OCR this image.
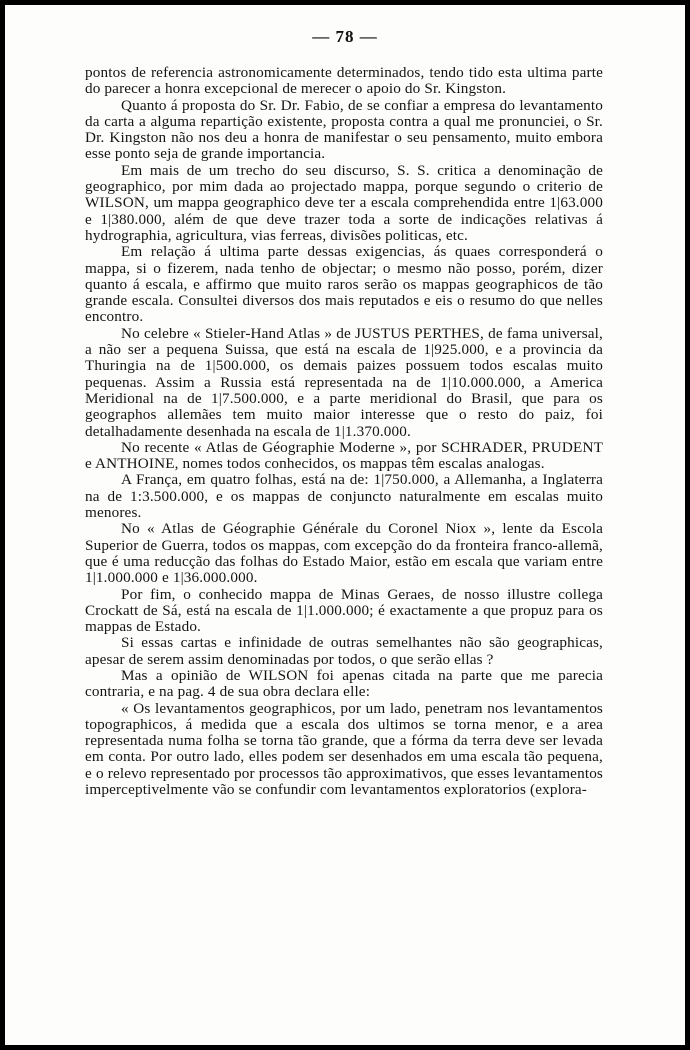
— 78 —

pontos de referencia astronomicamente determinados, tendo tido esta ultima parte do parecer a honra excepcional de merecer o apoio do Sr. Kingston.

Quanto á proposta do Sr. Dr. Fabio, de se confiar a empresa do levantamento da carta a alguma repartição existente, proposta contra a qual me pronunciei, o Sr. Dr. Kingston não nos deu a honra de manifestar o seu pensamento, muito embora esse ponto seja de grande importancia.

Em mais de um trecho do seu discurso, S. S. critica a denominação de geographico, por mim dada ao projectado mappa, porque segundo o criterio de WILSON, um mappa geographico deve ter a escala comprehendida entre 1|63.000 e 1|380.000, além de que deve trazer toda a sorte de indicações relativas á hydrographia, agricultura, vias ferreas, divisões politicas, etc.

Em relação á ultima parte dessas exigencias, ás quaes corresponderá o mappa, si o fizerem, nada tenho de objectar; o mesmo não posso, porém, dizer quanto á escala, e affirmo que muito raros serão os mappas geographicos de tão grande escala. Consultei diversos dos mais reputados e eis o resumo do que nelles encontro.

No celebre « Stieler-Hand Atlas » de JUSTUS PERTHES, de fama universal, a não ser a pequena Suissa, que está na escala de 1|925.000, e a provincia da Thuringia na de 1|500.000, os demais paizes possuem todos escalas muito pequenas. Assim a Russia está representada na de 1|10.000.000, a America Meridional na de 1|7.500.000, e a parte meridional do Brasil, que para os geographos allemães tem muito maior interesse que o resto do paiz, foi detalhadamente desenhada na escala de 1|1.370.000.

No recente « Atlas de Géographie Moderne », por SCHRADER, PRUDENT e ANTHOINE, nomes todos conhecidos, os mappas têm escalas analogas.

A França, em quatro folhas, está na de: 1|750.000, a Allemanha, a Inglaterra na de 1:3.500.000, e os mappas de conjuncto naturalmente em escalas muito menores.

No « Atlas de Géographie Générale du Coronel Niox », lente da Escola Superior de Guerra, todos os mappas, com excepção do da fronteira franco-allemã, que é uma reducção das folhas do Estado Maior, estão em escala que variam entre 1|1.000.000 e 1|36.000.000.

Por fim, o conhecido mappa de Minas Geraes, de nosso illustre collega Crockatt de Sá, está na escala de 1|1.000.000; é exactamente a que propuz para os mappas de Estado.

Si essas cartas e infinidade de outras semelhantes não são geographicas, apesar de serem assim denominadas por todos, o que serão ellas ?

Mas a opinião de WILSON foi apenas citada na parte que me parecia contraria, e na pag. 4 de sua obra declara elle:

« Os levantamentos geographicos, por um lado, penetram nos levantamentos topographicos, á medida que a escala dos ultimos se torna menor, e a area representada numa folha se torna tão grande, que a fórma da terra deve ser levada em conta. Por outro lado, elles podem ser desenhados em uma escala tão pequena, e o relevo representado por processos tão approximativos, que esses levantamentos imperceptivelmente vão se confundir com levantamentos exploratorios (explora-
